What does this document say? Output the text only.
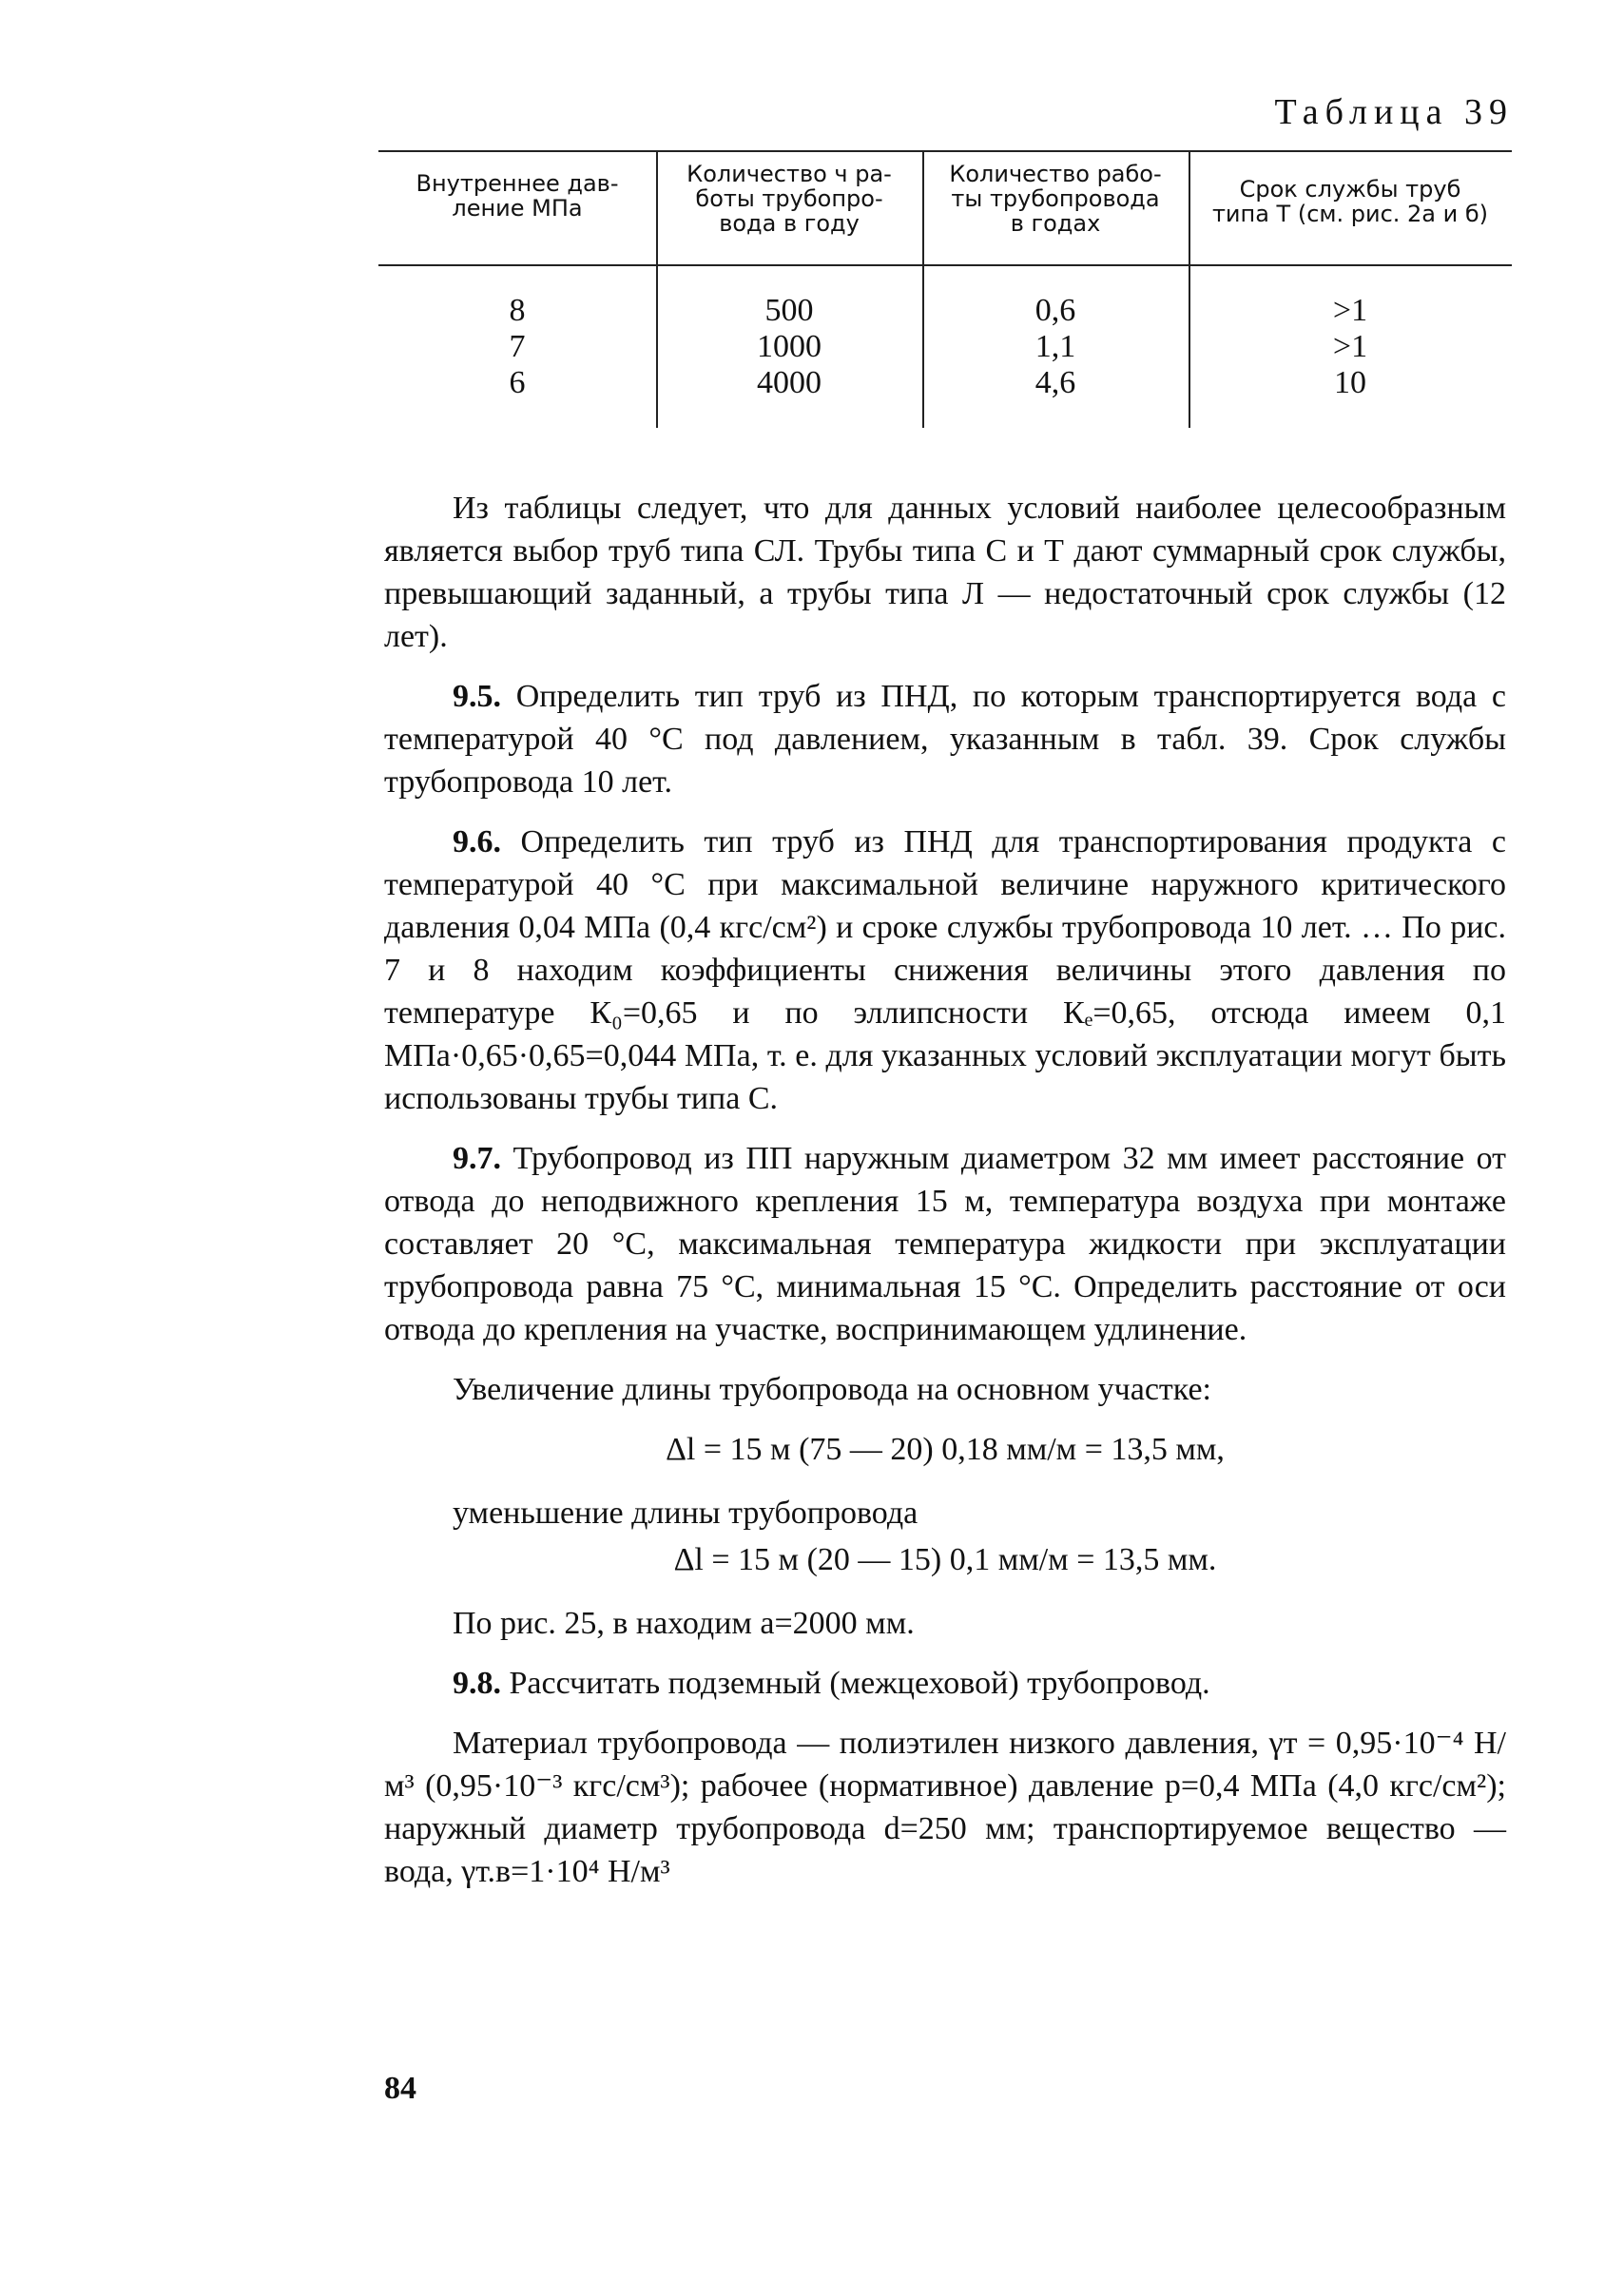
Таблица 39
Внутреннее дав-
ление МПа
Количество ч ра-
боты трубопро-
вода в году
Количество рабо-
ты трубопровода
в годах
Срок службы труб
типа Т (см. рис. 2а и б)
8
7
6
500
1000
4000
0,6
1,1
4,6
>1
>1
10

Из таблицы следует, что для данных условий наиболее целесообразным является выбор труб типа СЛ. Трубы типа С и Т дают суммарный срок службы, превышающий заданный, а трубы типа Л — недостаточный срок службы (12 лет).

9.5. Определить тип труб из ПНД, по которым транспортируется вода с температурой 40 °С под давлением, указанным в табл. 39. Срок службы трубопровода 10 лет.

9.6. Определить тип труб из ПНД для транспортирования продукта с температурой 40 °С при максимальной величине наружного критического давления 0,04 МПа (0,4 кгс/см²) и сроке службы трубопровода 10 лет. … По рис. 7 и 8 находим коэффициенты снижения величины этого давления по температуре К₀=0,65 и по эллипсности Кₑ=0,65, отсюда имеем 0,1 МПа·0,65·0,65=0,044 МПа, т. е. для указанных условий эксплуатации могут быть использованы трубы типа С.

9.7. Трубопровод из ПП наружным диаметром 32 мм имеет расстояние от отвода до неподвижного крепления 15 м, температура воздуха при монтаже составляет 20 °С, максимальная температура жидкости при эксплуатации трубопровода равна 75 °С, минимальная 15 °С. Определить расстояние от оси отвода до крепления на участке, воспринимающем удлинение.

Увеличение длины трубопровода на основном участке:

Δl = 15 м (75 — 20) 0,18 мм/м = 13,5 мм,

уменьшение длины трубопровода

Δl = 15 м (20 — 15) 0,1 мм/м = 13,5 мм.

По рис. 25, в находим a=2000 мм.

9.8. Рассчитать подземный (межцеховой) трубопровод.

Материал трубопровода — полиэтилен низкого давления, γт = 0,95·10⁻⁴ Н/м³ (0,95·10⁻³ кгс/см³); рабочее (нормативное) давление p=0,4 МПа (4,0 кгс/см²); наружный диаметр трубопровода d=250 мм; транспортируемое вещество — вода, γт.в=1·10⁴ Н/м³

84
